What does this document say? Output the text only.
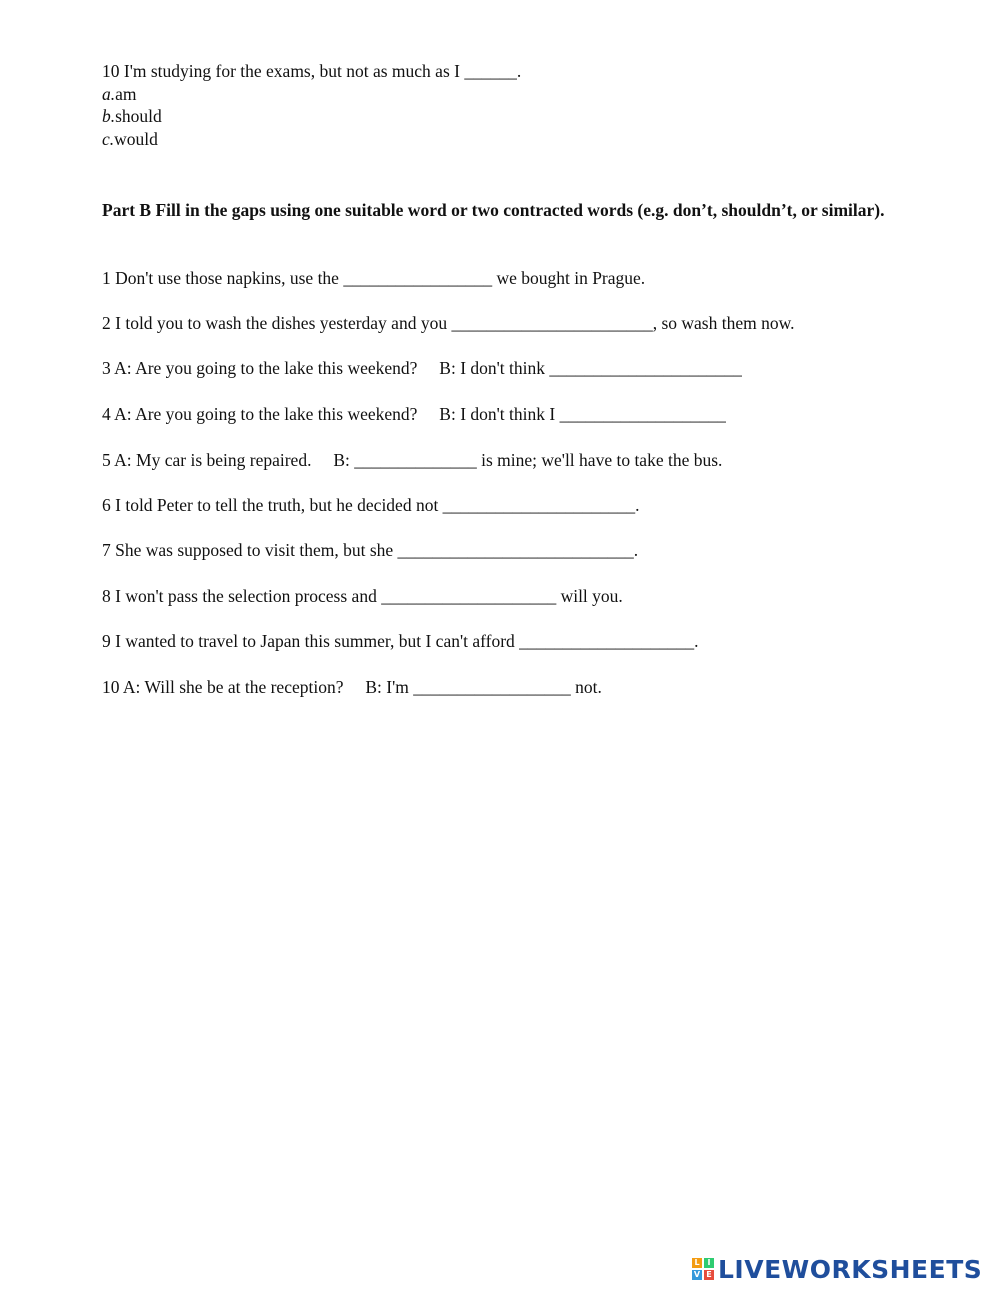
10 I'm studying for the exams, but not as much as I ______.
a.am
b.should
c.would
Part B Fill in the gaps using one suitable word or two contracted words (e.g. don’t, shouldn’t, or similar).
1 Don't use those napkins, use the _________________ we bought in Prague.
2 I told you to wash the dishes yesterday and you _______________________, so wash them now.
3 A: Are you going to the lake this weekend?     B: I don't think ______________________
4 A: Are you going to the lake this weekend?     B: I don't think I ___________________
5 A: My car is being repaired.     B: ______________ is mine; we'll have to take the bus.
6 I told Peter to tell the truth, but he decided not ______________________.
7 She was supposed to visit them, but she ___________________________.
8 I won't pass the selection process and ____________________ will you.
9 I wanted to travel to Japan this summer, but I can't afford ____________________.
10 A: Will she be at the reception?     B: I'm __________________ not.
L I
V E LIVEWORKSHEETS
